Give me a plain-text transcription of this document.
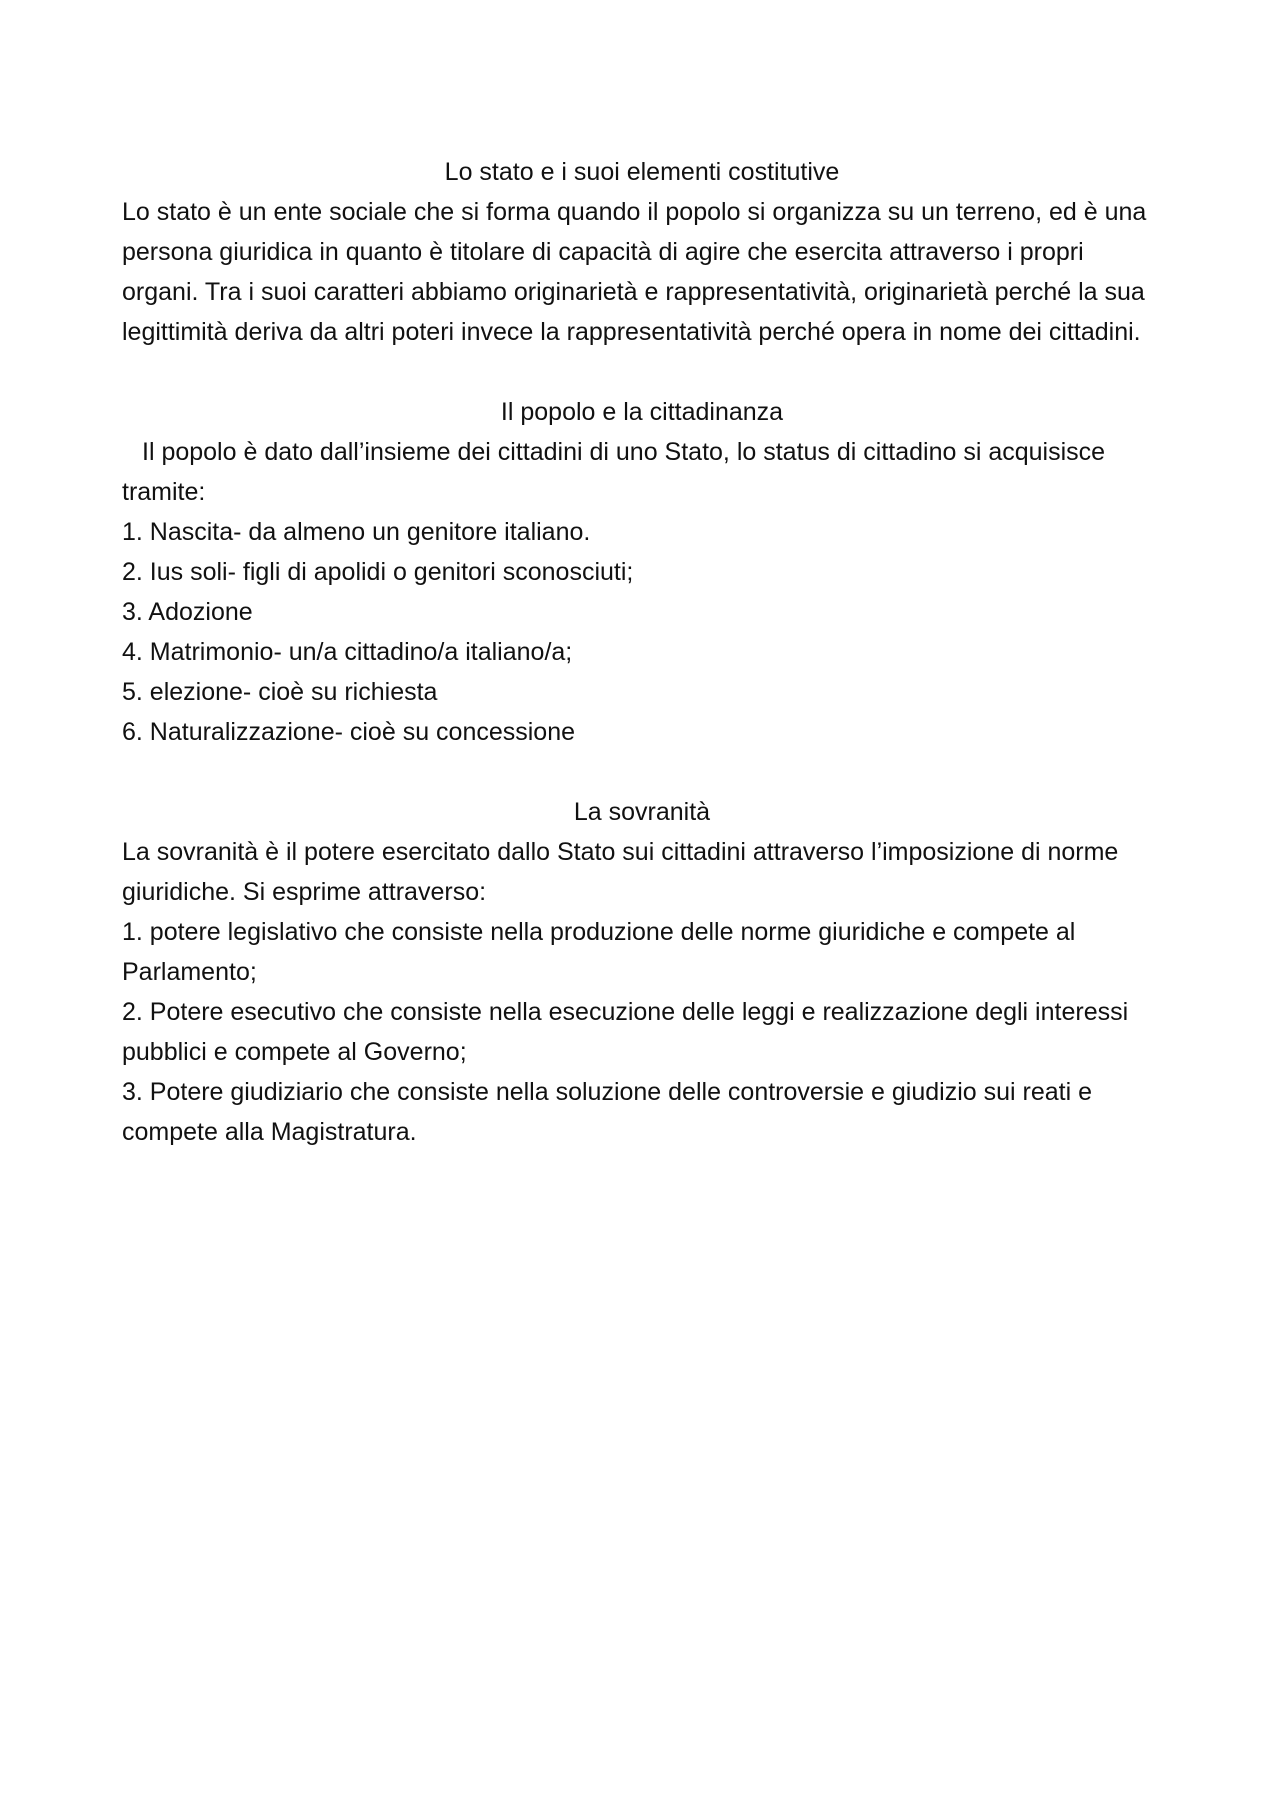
Lo stato e i suoi elementi costitutive

Lo stato è un ente sociale che si forma quando il popolo si organizza su un terreno, ed è una persona giuridica in quanto è titolare di capacità di agire che esercita attraverso i propri organi. Tra i suoi caratteri abbiamo originarietà e rappresentatività, originarietà perché la sua legittimità deriva da altri poteri invece la rappresentatività perché opera in nome dei cittadini.

Il popolo e la cittadinanza

Il popolo è dato dall’insieme dei cittadini di uno Stato, lo status di cittadino si acquisisce tramite:

1. Nascita- da almeno un genitore italiano.
2. Ius soli- figli di apolidi o genitori sconosciuti;
3. Adozione
4. Matrimonio- un/a cittadino/a italiano/a;
5. elezione- cioè su richiesta
6. Naturalizzazione- cioè su concessione
La sovranità

La sovranità è il potere esercitato dallo Stato sui cittadini attraverso l’imposizione di norme giuridiche. Si esprime attraverso:

1. potere legislativo che consiste nella produzione delle norme giuridiche e compete al Parlamento;
2. Potere esecutivo che consiste nella esecuzione delle leggi e realizzazione degli interessi pubblici e compete al Governo;
3. Potere giudiziario che consiste nella soluzione delle controversie e giudizio sui reati e compete alla Magistratura.
